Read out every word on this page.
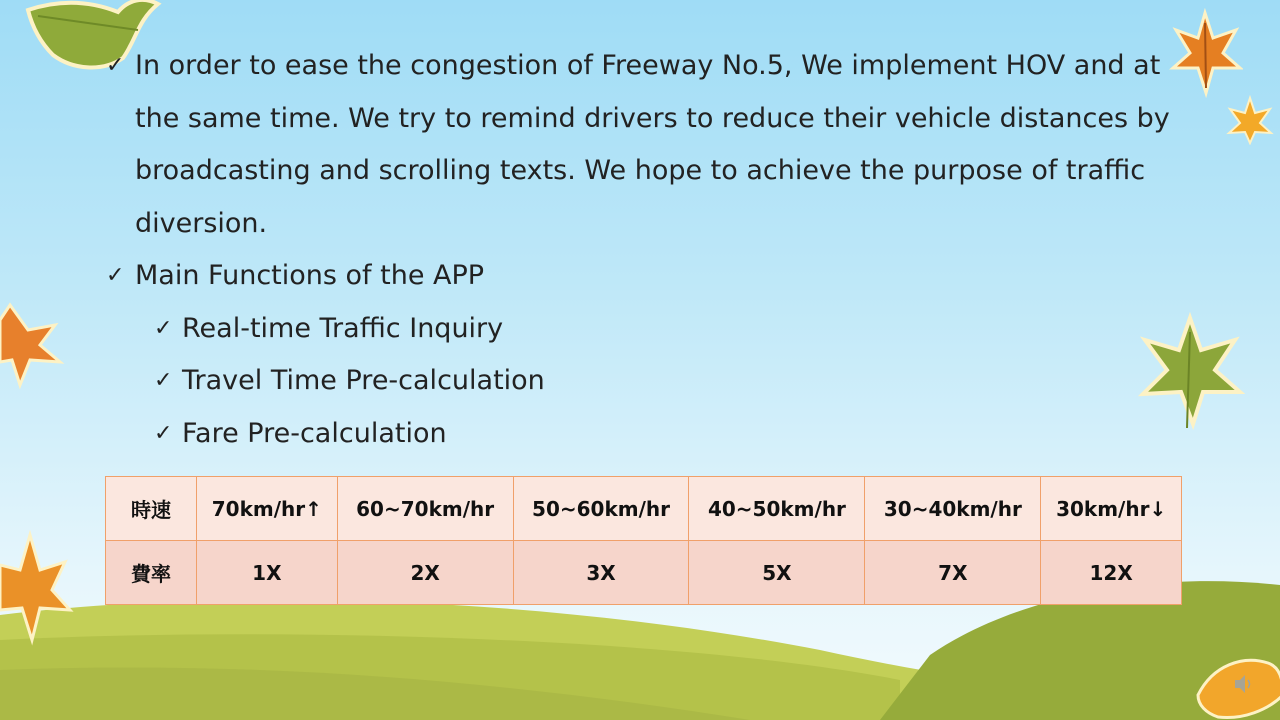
✓ In order to ease the congestion of Freeway No.5, We implement HOV and at
the same time. We try to remind drivers to reduce their vehicle distances by
broadcasting and scrolling texts. We hope to achieve the purpose of traffic
diversion.
✓ Main Functions of the APP
✓ Real-time Traffic Inquiry
✓ Travel Time Pre-calculation
✓ Fare Pre-calculation
時速	70km/hr↑	60~70km/hr	50~60km/hr	40~50km/hr	30~40km/hr	30km/hr↓
費率	1X	2X	3X	5X	7X	12X
